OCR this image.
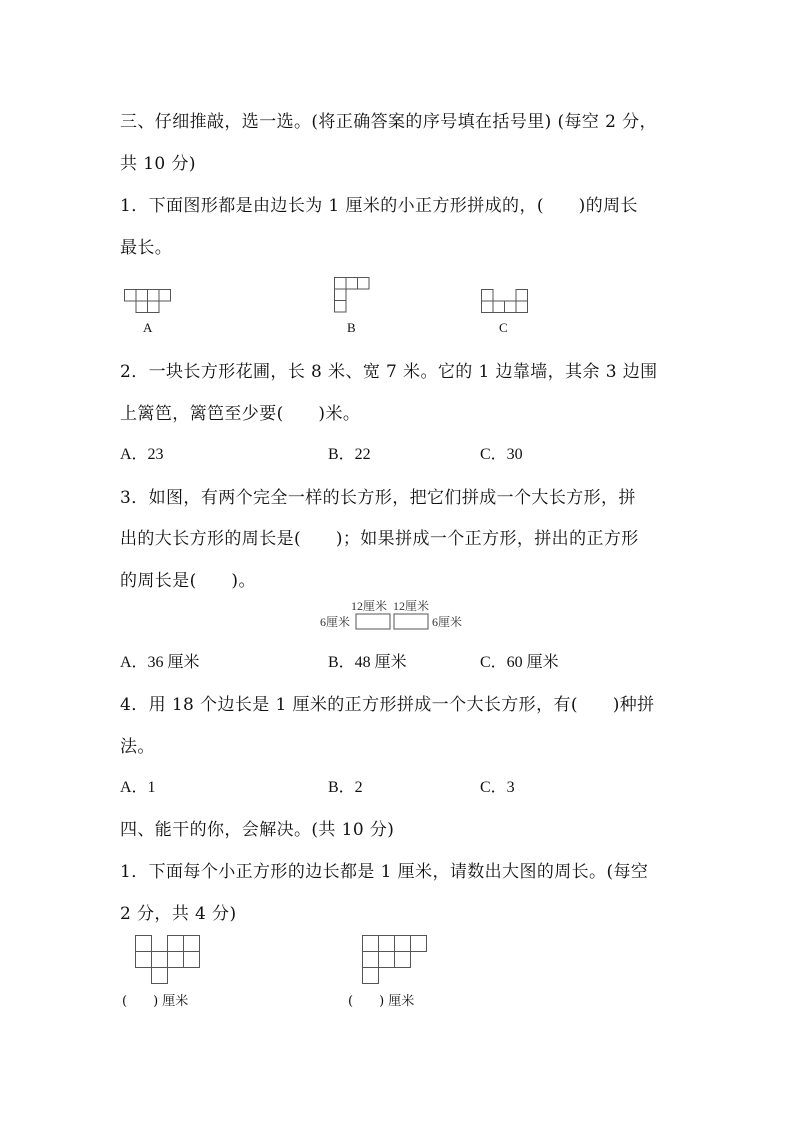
三、仔细推敲，选一选。(将正确答案的序号填在括号里) (每空 2 分，
共 10 分)
1．下面图形都是由边长为 1 厘米的小正方形拼成的，(　　)的周长
最长。
A	B	C
2．一块长方形花圃，长 8 米、宽 7 米。它的 1 边靠墙，其余 3 边围
上篱笆，篱笆至少要(　　)米。
A．23	B．22	C．30
3．如图，有两个完全一样的长方形，把它们拼成一个大长方形，拼
出的大长方形的周长是(　　)；如果拼成一个正方形，拼出的正方形
的周长是(　　)。
12厘米 12厘米
6厘米	6厘米
A．36 厘米	B．48 厘米	C．60 厘米
4．用 18 个边长是 1 厘米的正方形拼成一个大长方形，有(　　)种拼
法。
A．1	B．2	C．3
四、能干的你，会解决。(共 10 分)
1．下面每个小正方形的边长都是 1 厘米，请数出大图的周长。(每空
2 分，共 4 分)
(　　) 厘米	(　　) 厘米
